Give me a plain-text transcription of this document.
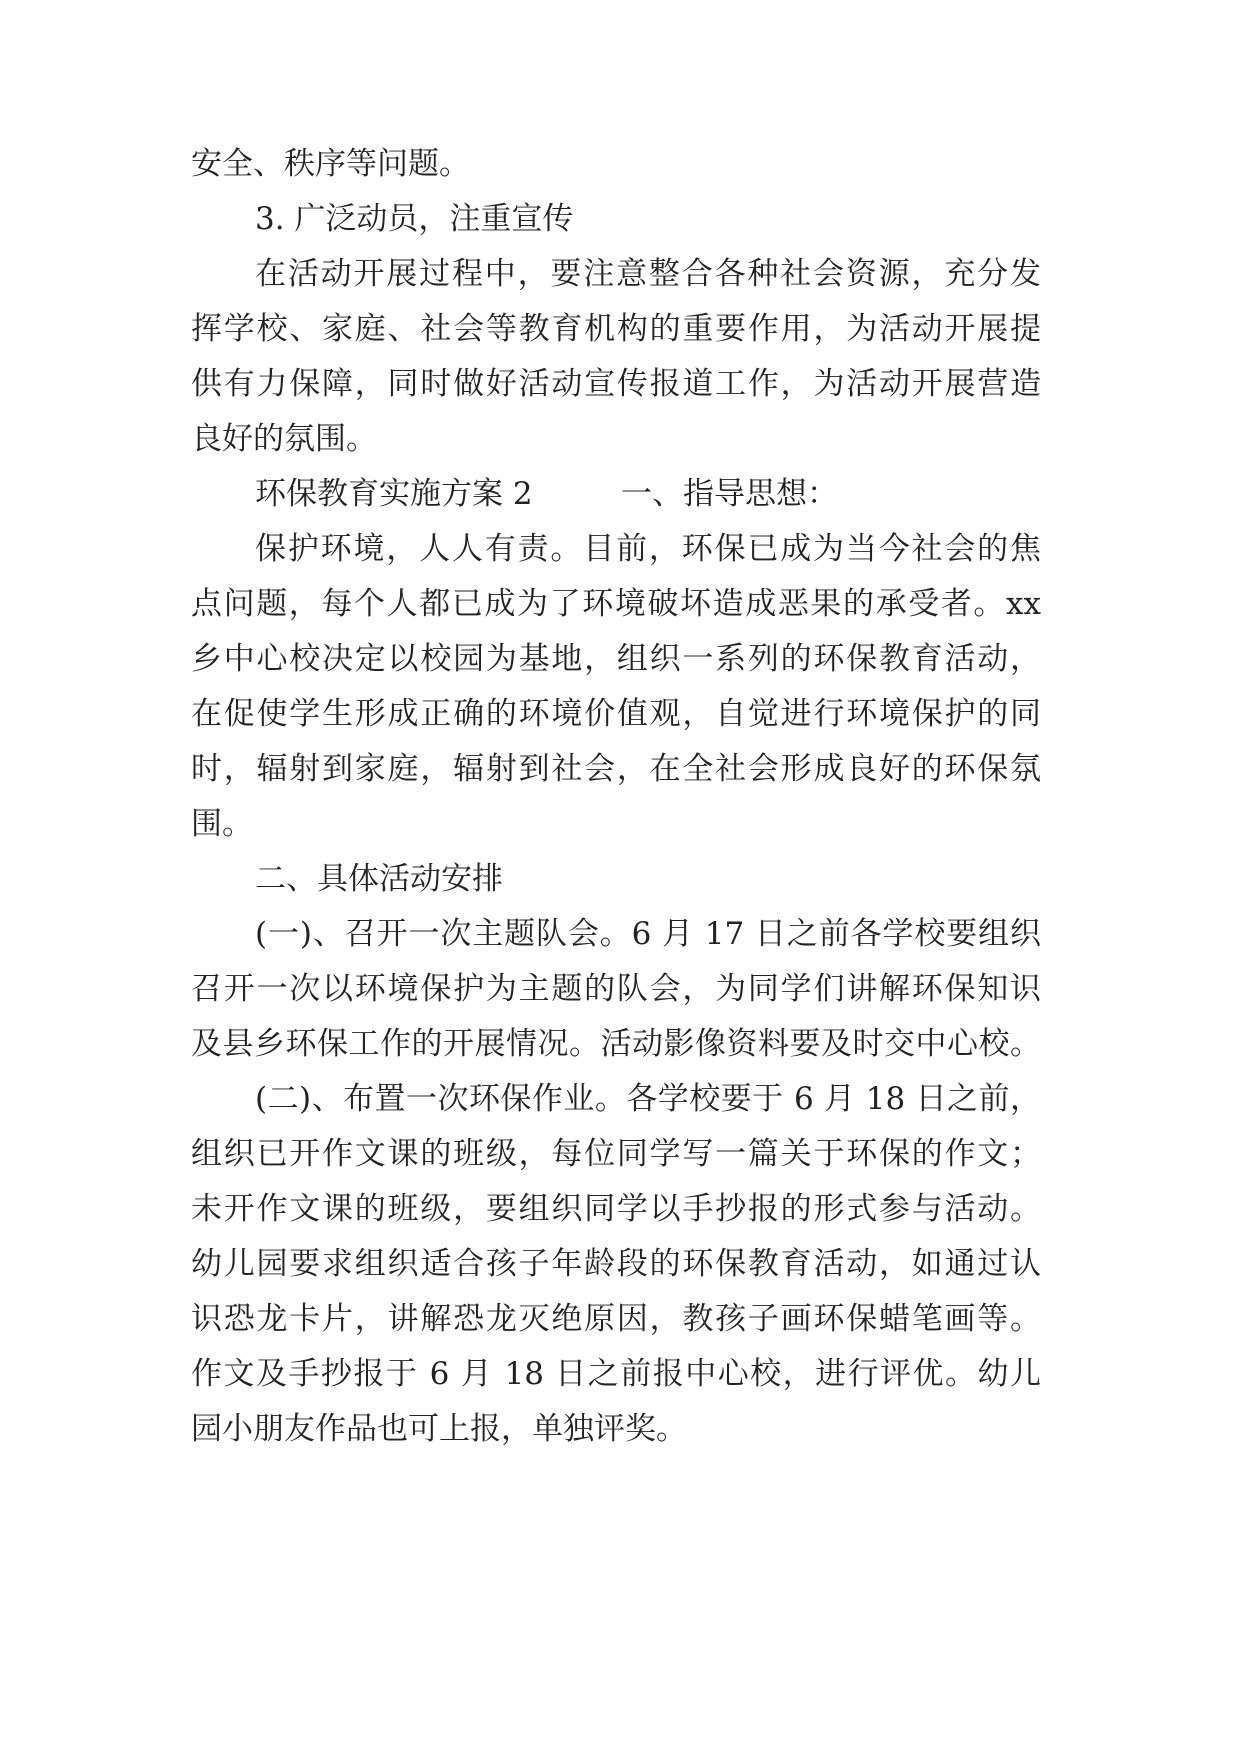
安全、秩序等问题。

3. 广泛动员，注重宣传

在活动开展过程中，要注意整合各种社会资源，充分发

挥学校、家庭、社会等教育机构的重要作用，为活动开展提

供有力保障，同时做好活动宣传报道工作，为活动开展营造

良好的氛围。

环保教育实施方案 2	一、指导思想：

保护环境，人人有责。目前，环保已成为当今社会的焦

点问题，每个人都已成为了环境破坏造成恶果的承受者。xx

乡中心校决定以校园为基地，组织一系列的环保教育活动，

在促使学生形成正确的环境价值观，自觉进行环境保护的同

时，辐射到家庭，辐射到社会，在全社会形成良好的环保氛

围。

二、具体活动安排

(一)、召开一次主题队会。6 月 17 日之前各学校要组织

召开一次以环境保护为主题的队会，为同学们讲解环保知识

及县乡环保工作的开展情况。活动影像资料要及时交中心校。

(二)、布置一次环保作业。各学校要于 6 月 18 日之前，

组织已开作文课的班级，每位同学写一篇关于环保的作文；

未开作文课的班级，要组织同学以手抄报的形式参与活动。

幼儿园要求组织适合孩子年龄段的环保教育活动，如通过认

识恐龙卡片，讲解恐龙灭绝原因，教孩子画环保蜡笔画等。

作文及手抄报于 6 月 18 日之前报中心校，进行评优。幼儿

园小朋友作品也可上报，单独评奖。
